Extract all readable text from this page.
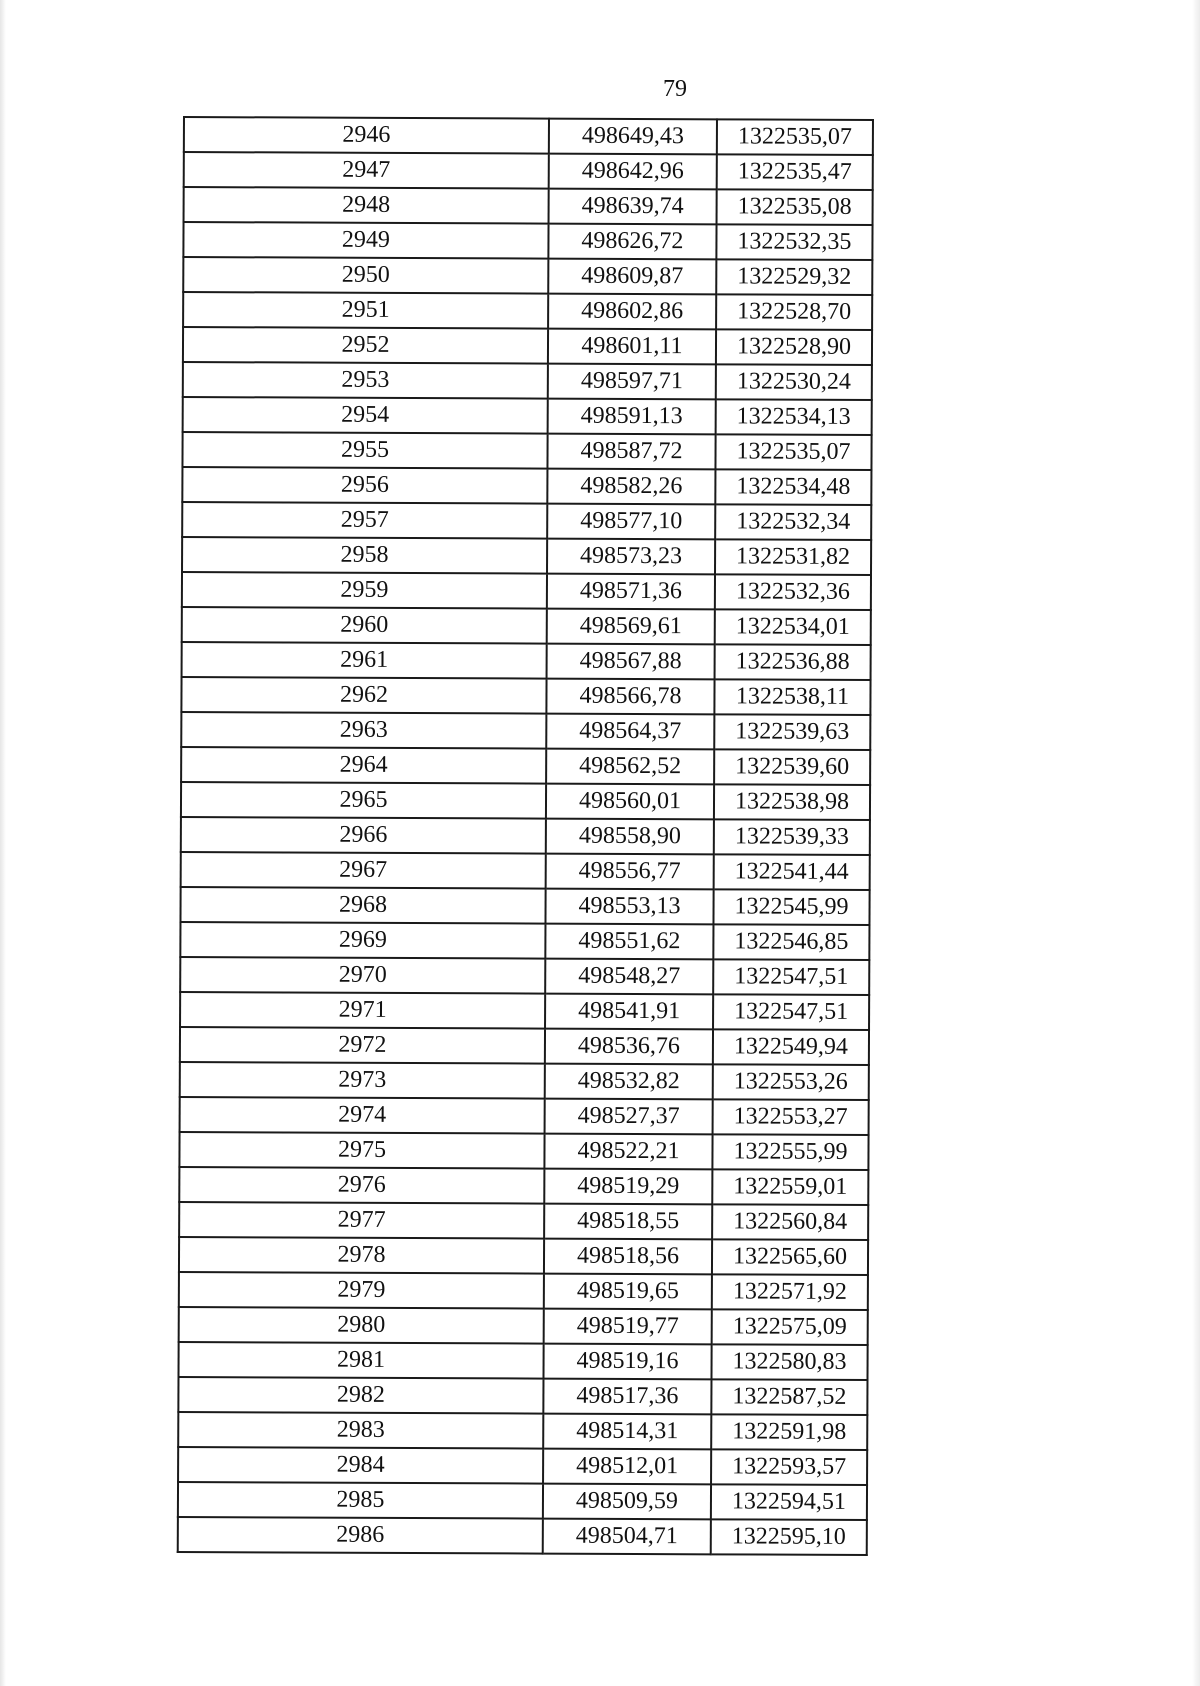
79
2946	498649,43	1322535,07
2947	498642,96	1322535,47
2948	498639,74	1322535,08
2949	498626,72	1322532,35
2950	498609,87	1322529,32
2951	498602,86	1322528,70
2952	498601,11	1322528,90
2953	498597,71	1322530,24
2954	498591,13	1322534,13
2955	498587,72	1322535,07
2956	498582,26	1322534,48
2957	498577,10	1322532,34
2958	498573,23	1322531,82
2959	498571,36	1322532,36
2960	498569,61	1322534,01
2961	498567,88	1322536,88
2962	498566,78	1322538,11
2963	498564,37	1322539,63
2964	498562,52	1322539,60
2965	498560,01	1322538,98
2966	498558,90	1322539,33
2967	498556,77	1322541,44
2968	498553,13	1322545,99
2969	498551,62	1322546,85
2970	498548,27	1322547,51
2971	498541,91	1322547,51
2972	498536,76	1322549,94
2973	498532,82	1322553,26
2974	498527,37	1322553,27
2975	498522,21	1322555,99
2976	498519,29	1322559,01
2977	498518,55	1322560,84
2978	498518,56	1322565,60
2979	498519,65	1322571,92
2980	498519,77	1322575,09
2981	498519,16	1322580,83
2982	498517,36	1322587,52
2983	498514,31	1322591,98
2984	498512,01	1322593,57
2985	498509,59	1322594,51
2986	498504,71	1322595,10
